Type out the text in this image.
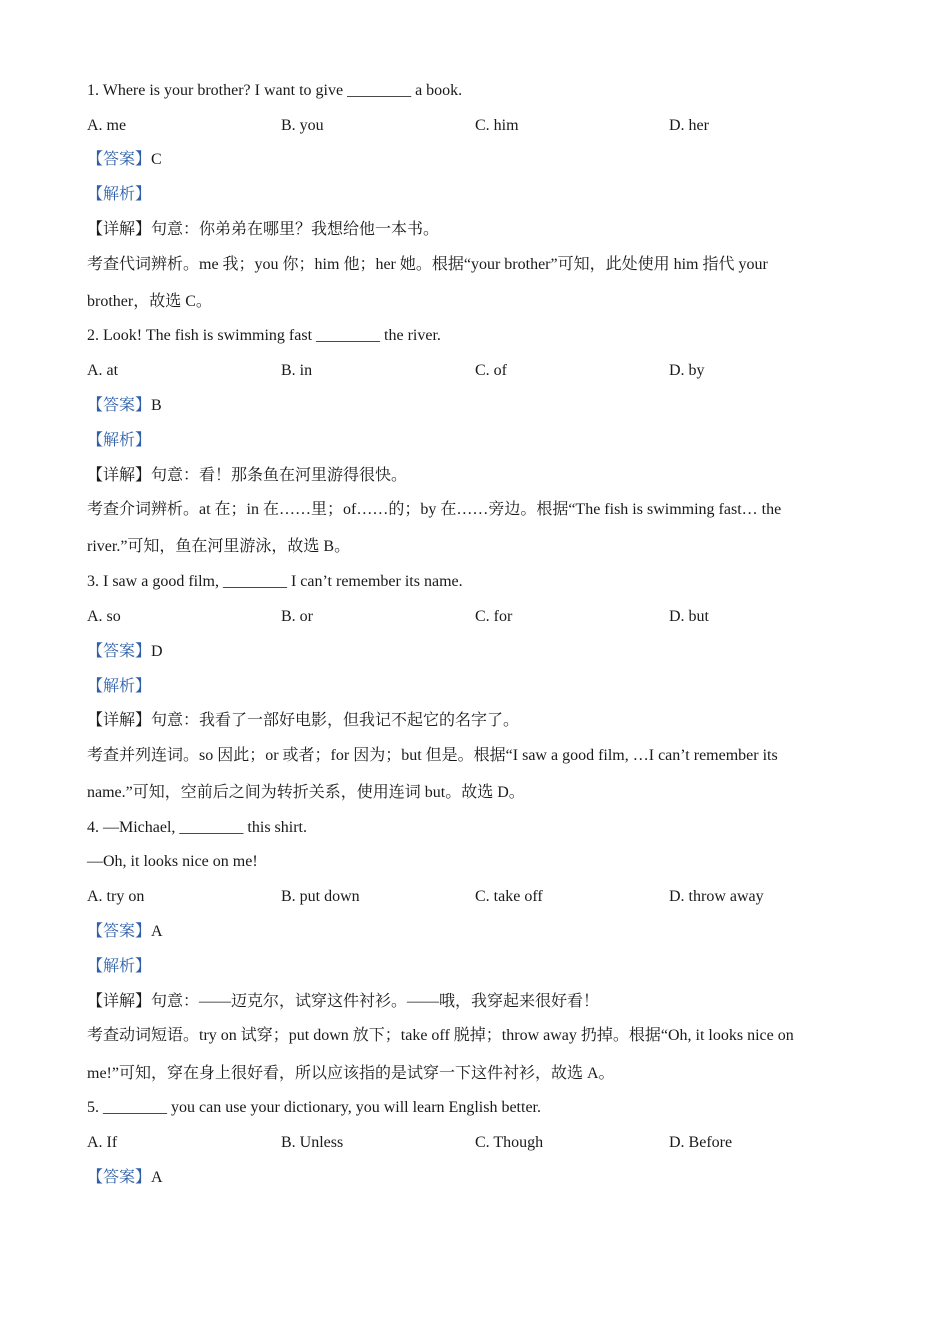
1. Where is your brother? I want to give ________ a book.
A. me	B. you	C. him	D. her
【答案】C
【解析】
【详解】句意：你弟弟在哪里？我想给他一本书。
考查代词辨析。me 我；you 你；him 他；her 她。根据“your brother”可知，此处使用 him 指代 your
brother，故选 C。
2. Look! The fish is swimming fast ________ the river.
A. at	B. in	C. of	D. by
【答案】B
【解析】
【详解】句意：看！那条鱼在河里游得很快。
考查介词辨析。at 在；in 在……里；of……的；by 在……旁边。根据“The fish is swimming fast… the
river.”可知，鱼在河里游泳，故选 B。
3. I saw a good film, ________ I can’t remember its name.
A. so	B. or	C. for	D. but
【答案】D
【解析】
【详解】句意：我看了一部好电影，但我记不起它的名字了。
考查并列连词。so 因此；or 或者；for 因为；but 但是。根据“I saw a good film, …I can’t remember its
name.”可知，空前后之间为转折关系，使用连词 but。故选 D。
4. —Michael, ________ this shirt.
—Oh, it looks nice on me!
A. try on	B. put down	C. take off	D. throw away
【答案】A
【解析】
【详解】句意：——迈克尔，试穿这件衬衫。——哦，我穿起来很好看！
考查动词短语。try on 试穿；put down 放下；take off 脱掉；throw away 扔掉。根据“Oh, it looks nice on
me!”可知，穿在身上很好看，所以应该指的是试穿一下这件衬衫，故选 A。
5. ________ you can use your dictionary, you will learn English better.
A. If	B. Unless	C. Though	D. Before
【答案】A
